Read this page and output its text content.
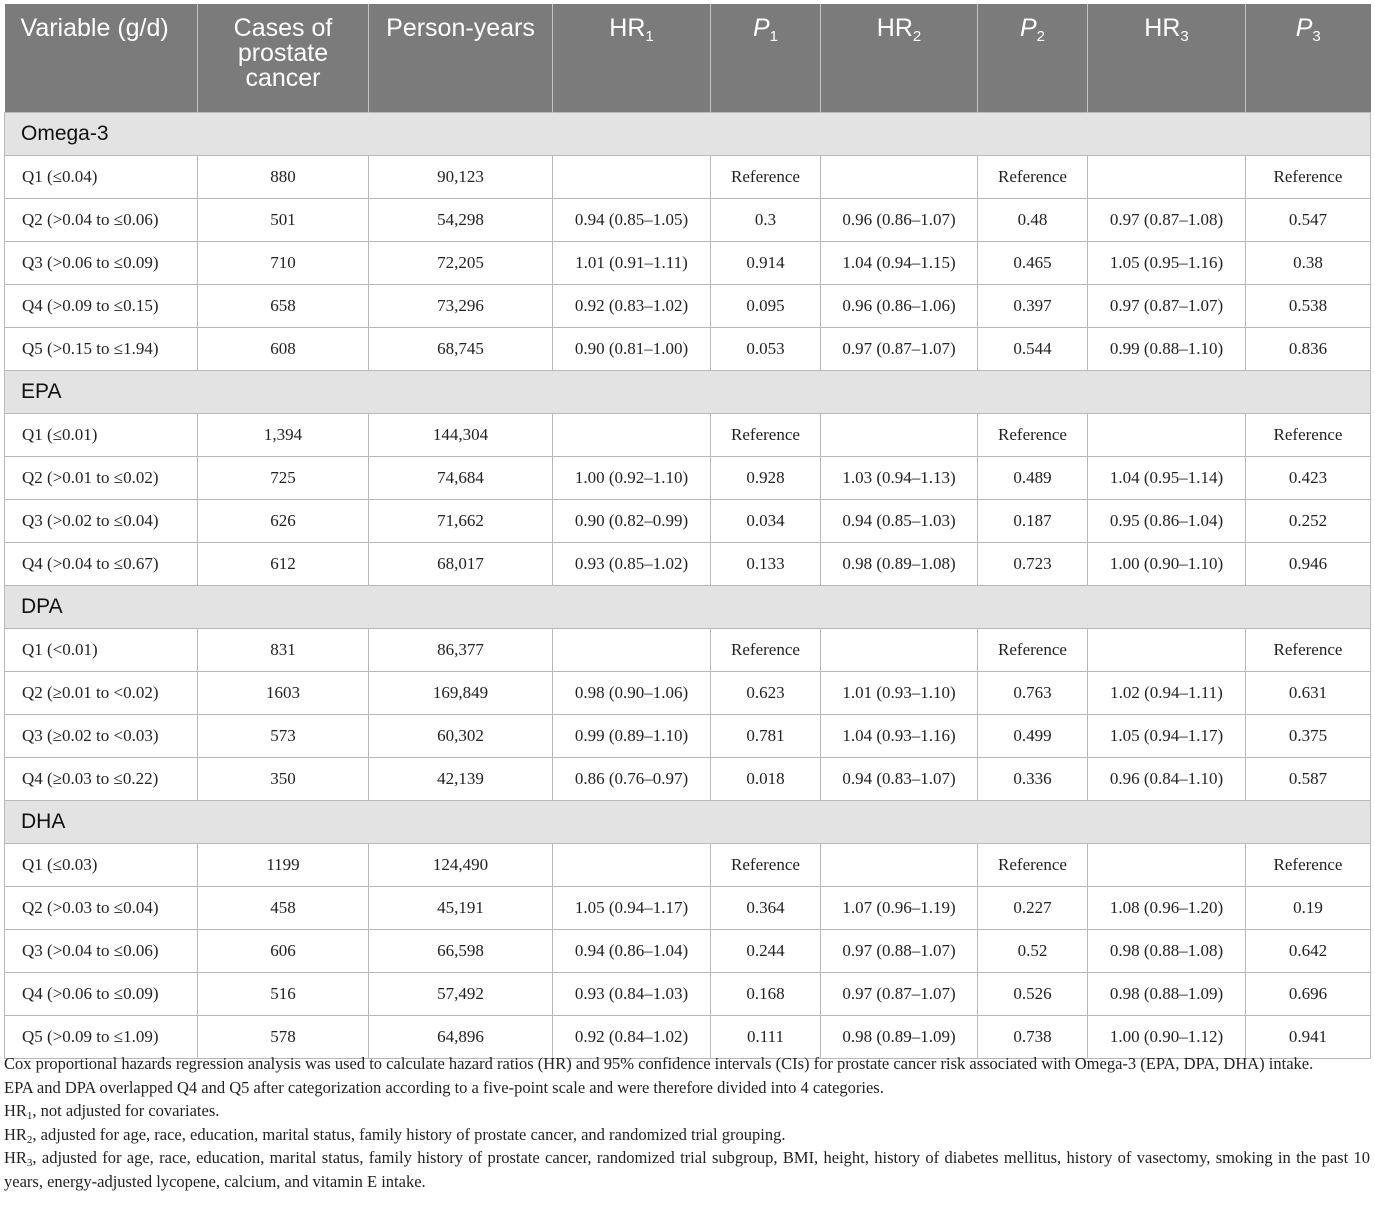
Variable (g/d)	Cases of prostate cancer	Person-years	$HR_1$	$P_1$	$HR_2$	$P_2$	$HR_3$	$P_3$
Omega-3								
Q1 (≤0.04)	880	90,123		Reference		Reference		Reference
Q2 (>0.04 to ≤0.06)	501	54,298	0.94 (0.85–1.05)	0.3	0.96 (0.86–1.07)	0.48	0.97 (0.87–1.08)	0.547
Q3 (>0.06 to ≤0.09)	710	72,205	1.01 (0.91–1.11)	0.914	1.04 (0.94–1.15)	0.465	1.05 (0.95–1.16)	0.38
Q4 (>0.09 to ≤0.15)	658	73,296	0.92 (0.83–1.02)	0.095	0.96 (0.86–1.06)	0.397	0.97 (0.87–1.07)	0.538
Q5 (>0.15 to ≤1.94)	608	68,745	0.90 (0.81–1.00)	0.053	0.97 (0.87–1.07)	0.544	0.99 (0.88–1.10)	0.836
EPA								
Q1 (≤0.01)	1,394	144,304		Reference		Reference		Reference
Q2 (>0.01 to ≤0.02)	725	74,684	1.00 (0.92–1.10)	0.928	1.03 (0.94–1.13)	0.489	1.04 (0.95–1.14)	0.423
Q3 (>0.02 to ≤0.04)	626	71,662	0.90 (0.82–0.99)	0.034	0.94 (0.85–1.03)	0.187	0.95 (0.86–1.04)	0.252
Q4 (>0.04 to ≤0.67)	612	68,017	0.93 (0.85–1.02)	0.133	0.98 (0.89–1.08)	0.723	1.00 (0.90–1.10)	0.946
DPA								
Q1 (<0.01)	831	86,377		Reference		Reference		Reference
Q2 (≥0.01 to <0.02)	1603	169,849	0.98 (0.90–1.06)	0.623	1.01 (0.93–1.10)	0.763	1.02 (0.94–1.11)	0.631
Q3 (≥0.02 to <0.03)	573	60,302	0.99 (0.89–1.10)	0.781	1.04 (0.93–1.16)	0.499	1.05 (0.94–1.17)	0.375
Q4 (≥0.03 to ≤0.22)	350	42,139	0.86 (0.76–0.97)	0.018	0.94 (0.83–1.07)	0.336	0.96 (0.84–1.10)	0.587
DHA								
Q1 (≤0.03)	1199	124,490		Reference		Reference		Reference
Q2 (>0.03 to ≤0.04)	458	45,191	1.05 (0.94–1.17)	0.364	1.07 (0.96–1.19)	0.227	1.08 (0.96–1.20)	0.19
Q3 (>0.04 to ≤0.06)	606	66,598	0.94 (0.86–1.04)	0.244	0.97 (0.88–1.07)	0.52	0.98 (0.88–1.08)	0.642
Q4 (>0.06 to ≤0.09)	516	57,492	0.93 (0.84–1.03)	0.168	0.97 (0.87–1.07)	0.526	0.98 (0.88–1.09)	0.696
Q5 (>0.09 to ≤1.09)	578	64,896	0.92 (0.84–1.02)	0.111	0.98 (0.89–1.09)	0.738	1.00 (0.90–1.12)	0.941

Cox proportional hazards regression analysis was used to calculate hazard ratios (HR) and 95% confidence intervals (CIs) for prostate cancer risk associated with Omega-3 (EPA, DPA, DHA) intake.

EPA and DPA overlapped Q4 and Q5 after categorization according to a five-point scale and were therefore divided into 4 categories.

$HR_1$, not adjusted for covariates.

$HR_2$, adjusted for age, race, education, marital status, family history of prostate cancer, and randomized trial grouping.

$HR_3$, adjusted for age, race, education, marital status, family history of prostate cancer, randomized trial subgroup, BMI, height, history of diabetes mellitus, history of vasectomy, smoking in the past 10 years, energy-adjusted lycopene, calcium, and vitamin E intake.
